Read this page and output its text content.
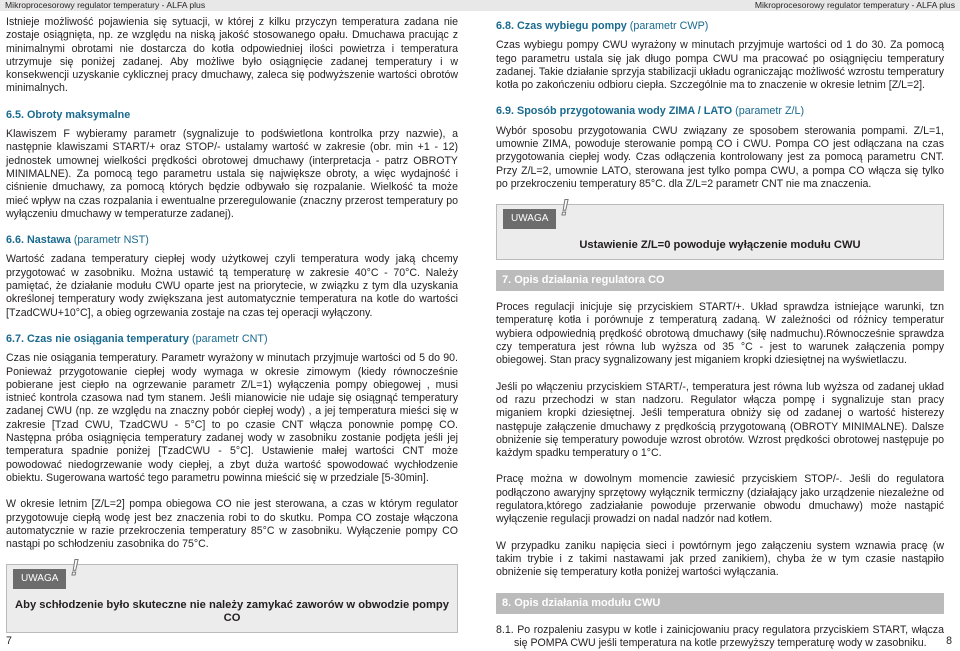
Mikroprocesorowy regulator temperatury - ALFA plus

Istnieje możliwość pojawienia się sytuacji, w której z kilku przyczyn temperatura zadana nie zostaje osiągnięta, np. ze względu na niską jakość stosowanego opału. Dmuchawa pracując z minimalnymi obrotami nie dostarcza do kotła odpowiedniej ilości powietrza i temperatura utrzymuje się poniżej zadanej. Aby możliwe było osiągnięcie zadanej temperatury i w konsekwencji uzyskanie cyklicznej pracy dmuchawy, zaleca się podwyższenie wartości obrotów minimalnych.

6.5. Obroty maksymalne

Klawiszem F wybieramy parametr (sygnalizuje to podświetlona kontrolka przy nazwie), a następnie klawiszami START/+ oraz STOP/- ustalamy wartość w zakresie (obr. min +1 - 12) jednostek umownej wielkości prędkości obrotowej dmuchawy (interpretacja - patrz OBROTY MINIMALNE). Za pomocą tego parametru ustala się największe obroty, a więc wydajność i ciśnienie dmuchawy, za pomocą których będzie odbywało się rozpalanie. Wielkość ta może mieć wpływ na czas rozpalania i ewentualne przeregulowanie (znaczny przerost temperatury po wyłączeniu dmuchawy w temperaturze zadanej).

6.6. Nastawa (parametr NST)

Wartość zadana temperatury ciepłej wody użytkowej czyli temperatura wody jaką chcemy przygotować w zasobniku. Można ustawić tą temperaturę w zakresie 40°C - 70°C. Należy pamiętać, że działanie modułu CWU oparte jest na priorytecie, w związku z tym dla uzyskania określonej temperatury wody zwiększana jest automatycznie temperatura na kotle do wartości [TzadCWU+10°C], a obieg ogrzewania zostaje na czas tej operacji wyłączony.

6.7. Czas nie osiągania temperatury (parametr CNT)

Czas nie osiągania temperatury. Parametr wyrażony w minutach przyjmuje wartości od 5 do 90. Ponieważ przygotowanie ciepłej wody wymaga w okresie zimowym (kiedy równocześnie pobierane jest ciepło na ogrzewanie parametr Z/L=1) wyłączenia pompy obiegowej , musi istnieć kontrola czasowa nad tym stanem. Jeśli mianowicie nie udaje się osiągnąć temperatury zadanej CWU (np. ze względu na znaczny pobór ciepłej wody) , a jej temperatura mieści się w zakresie [Tzad CWU, TzadCWU - 5°C] to po czasie CNT włącza ponownie pompę CO. Następna próba osiągnięcia temperatury zadanej wody w zasobniku zostanie podjęta jeśli jej temperatura spadnie poniżej [TzadCWU - 5°C]. Ustawienie małej wartości CNT może powodować niedogrzewanie wody ciepłej, a zbyt duża wartość spowodować wychłodzenie obiektu. Sugerowana wartość tego parametru powinna mieścić się w przedziale [5-30min].

W okresie letnim [Z/L=2] pompa obiegowa CO nie jest sterowana, a czas w którym regulator przygotowuje ciepłą wodę jest bez znaczenia robi to do skutku. Pompa CO zostaje włączona automatycznie w razie przekroczenia temperatury 85°C w zasobniku. Wyłączenie pompy CO nastąpi po schłodzeniu zasobnika do 75°C.

UWAGA !
Aby schłodzenie było skuteczne nie należy zamykać zaworów w obwodzie pompy CO
7
Mikroprocesorowy regulator temperatury - ALFA plus
6.8. Czas wybiegu pompy (parametr CWP)

Czas wybiegu pompy CWU wyrażony w minutach przyjmuje wartości od 1 do 30. Za pomocą tego parametru ustala się jak długo pompa CWU ma pracować po osiągnięciu temperatury zadanej. Takie działanie sprzyja stabilizacji układu ograniczając możliwość wzrostu temperatury kotła po zakończeniu odbioru ciepła. Szczególnie ma to znaczenie w okresie letnim [Z/L=2].

6.9. Sposób przygotowania wody ZIMA / LATO (parametr Z/L)

Wybór sposobu przygotowania CWU związany ze sposobem sterowania pompami. Z/L=1, umownie ZIMA, powoduje sterowanie pompą CO i CWU. Pompa CO jest odłączana na czas przygotowania ciepłej wody. Czas odłączenia kontrolowany jest za pomocą parametru CNT. Przy Z/L=2, umownie LATO, sterowana jest tylko pompa CWU, a pompa CO włącza się tylko po przekroczeniu temperatury 85°C. dla Z/L=2 parametr CNT nie ma znaczenia.

UWAGA !
Ustawienie Z/L=0 powoduje wyłączenie modułu CWU
7. Opis działania regulatora CO

Proces regulacji inicjuje się przyciskiem START/+. Układ sprawdza istniejące warunki, tzn temperaturę kotła i porównuje z temperaturą zadaną. W zależności od różnicy temperatur wybiera odpowiednią prędkość obrotową dmuchawy (siłę nadmuchu).Równocześnie sprawdza czy temperatura jest równa lub wyższa od 35 °C - jest to warunek załączenia pompy obiegowej. Stan pracy sygnalizowany jest miganiem kropki dziesiętnej na wyświetlaczu.

Jeśli po włączeniu przyciskiem START/-, temperatura jest równa lub wyższa od zadanej układ od razu przechodzi w stan nadzoru. Regulator włącza pompę i sygnalizuje stan pracy miganiem kropki dziesiętnej. Jeśli temperatura obniży się od zadanej o wartość histerezy następuje załączenie dmuchawy z prędkością przygotowaną (OBROTY MINIMALNE). Dalsze obniżenie się temperatury powoduje wzrost obrotów. Wzrost prędkości obrotowej następuje po każdym spadku temperatury o 1°C.

Pracę można w dowolnym momencie zawiesić przyciskiem STOP/-. Jeśli do regulatora podłączono awaryjny sprzętowy wyłącznik termiczny (działający jako urządzenie niezależne od regulatora,którego zadziałanie powoduje przerwanie obwodu dmuchawy) może nastąpić wyłączenie regulacji prowadzi on nadal nadzór nad kotłem.

W przypadku zaniku napięcia sieci i powtórnym jego załączeniu system wznawia pracę (w takim trybie i z takimi nastawami jak przed zanikiem), chyba że w tym czasie nastąpiło obniżenie się temperatury kotła poniżej wartości wyłączania.

8. Opis działania modułu CWU

8.1. Po rozpaleniu zasypu w kotle i zainicjowaniu pracy regulatora przyciskiem START, włącza się POMPA CWU jeśli temperatura na kotle przewyższy temperaturę wody w zasobniku.	8
